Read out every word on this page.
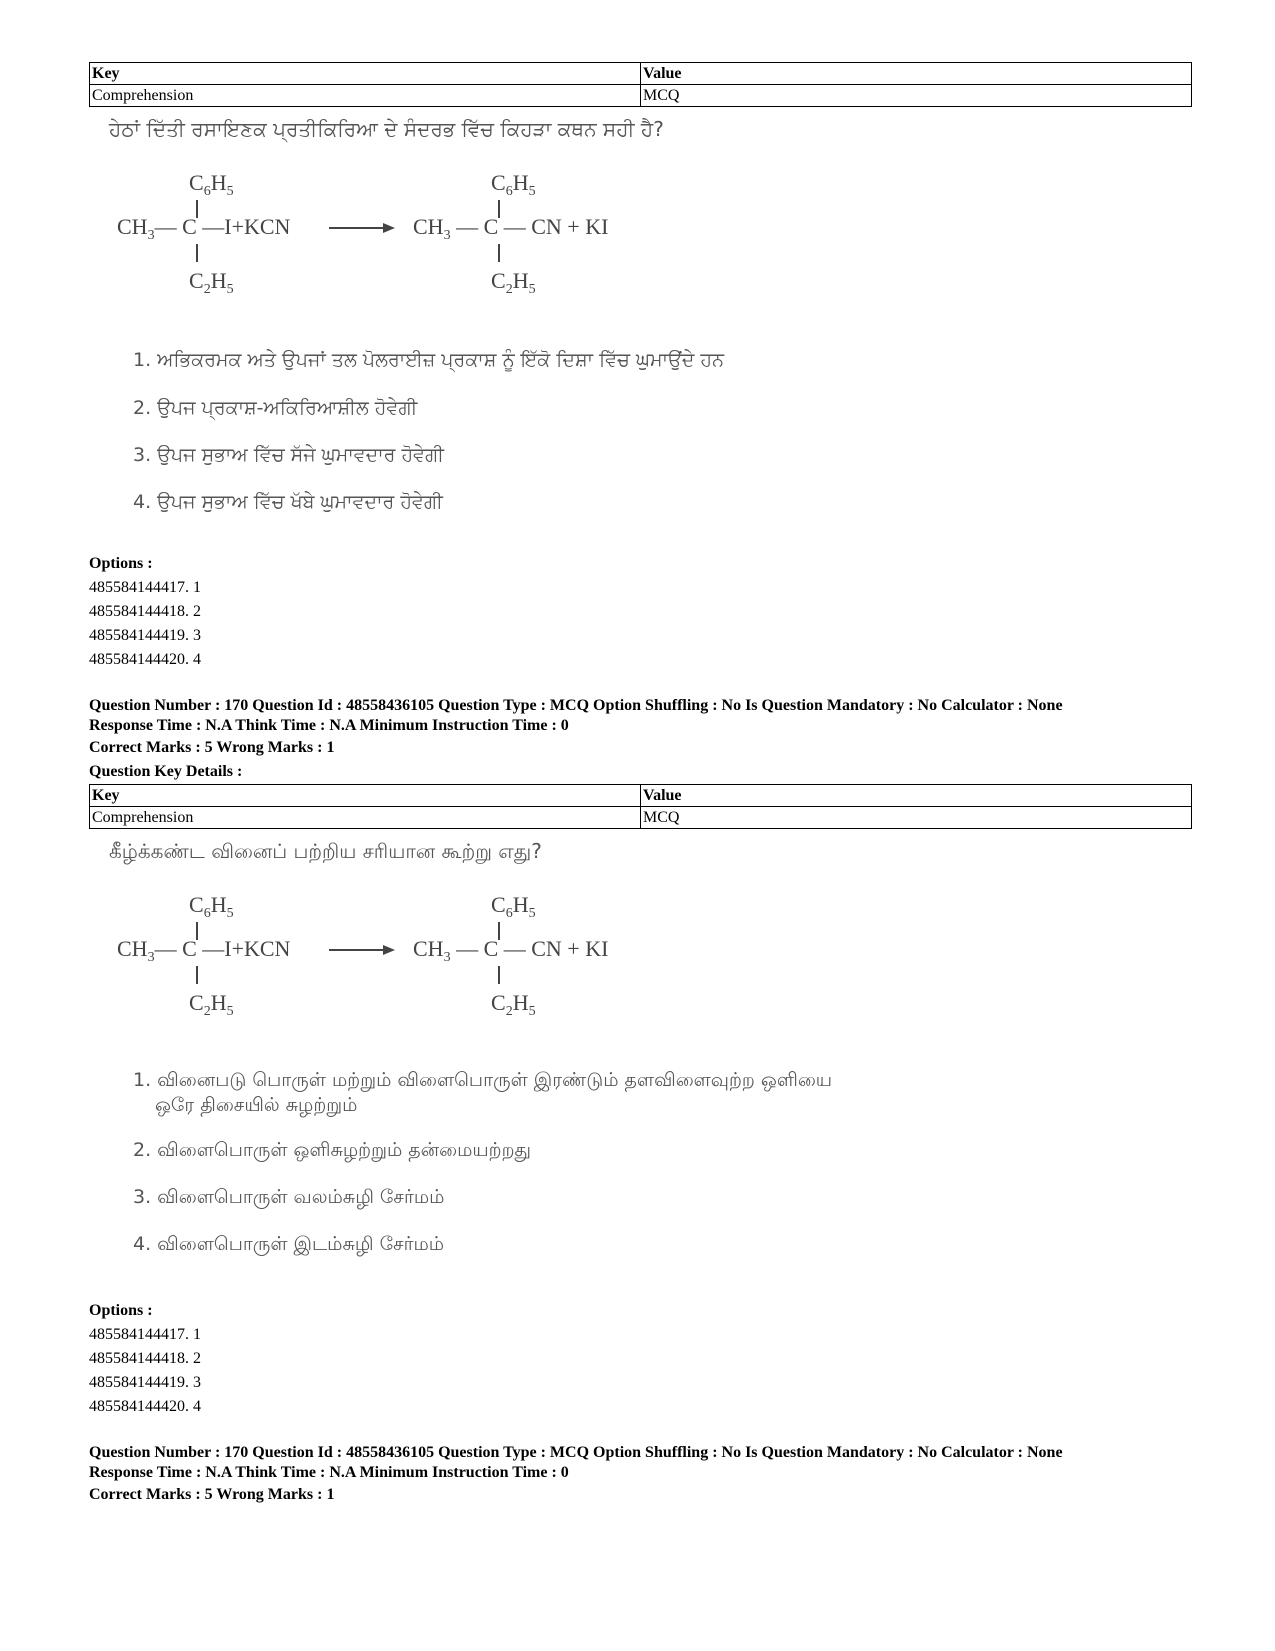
Key	Value
Comprehension	MCQ
ਹੇਠਾਂ ਦਿੱਤੀ ਰਸਾਇਣਕ ਪ੍ਰਤੀਕਿਰਿਆ ਦੇ ਸੰਦਰਭ ਵਿੱਚ ਕਿਹੜਾ ਕਥਨ ਸਹੀ ਹੈ?
$C_6H_5$
$CH_3—$ C —I+KCN
$C_2H_5$
$C_6H_5$
$CH_3$ — C — CN + KI
$C_2H_5$
1. ਅਭਿਕਰਮਕ ਅਤੇ ਉਪਜਾਂ ਤਲ ਪੋਲਰਾਈਜ਼ ਪ੍ਰਕਾਸ਼ ਨੂੰ ਇੱਕੋ ਦਿਸ਼ਾ ਵਿੱਚ ਘੁਮਾਉਂਦੇ ਹਨ
2. ਉਪਜ ਪ੍ਰਕਾਸ਼-ਅਕਿਰਿਆਸ਼ੀਲ ਹੋਵੇਗੀ
3. ਉਪਜ ਸੁਭਾਅ ਵਿੱਚ ਸੱਜੇ ਘੁਮਾਵਦਾਰ ਹੋਵੇਗੀ
4. ਉਪਜ ਸੁਭਾਅ ਵਿੱਚ ਖੱਬੇ ਘੁਮਾਵਦਾਰ ਹੋਵੇਗੀ
Options :
485584144417. 1
485584144418. 2
485584144419. 3
485584144420. 4
Question Number : 170 Question Id : 48558436105 Question Type : MCQ Option Shuffling : No Is Question Mandatory : No Calculator : None
Response Time : N.A Think Time : N.A Minimum Instruction Time : 0
Correct Marks : 5 Wrong Marks : 1
Question Key Details :
Key	Value
Comprehension	MCQ
கீழ்க்கண்ட வினைப் பற்றிய சரியான கூற்று எது?
$C_6H_5$
$CH_3—$ C —I+KCN
$C_2H_5$
$C_6H_5$
$CH_3$ — C — CN + KI
$C_2H_5$
1. வினைபடு பொருள் மற்றும் விளைபொருள் இரண்டும் தளவிளைவுற்ற ஒளியை
ஒரே திசையில் சுழற்றும்
2. விளைபொருள் ஒளிசுழற்றும் தன்மையற்றது
3. விளைபொருள் வலம்சுழி சேர்மம்
4. விளைபொருள் இடம்சுழி சேர்மம்
Options :
485584144417. 1
485584144418. 2
485584144419. 3
485584144420. 4
Question Number : 170 Question Id : 48558436105 Question Type : MCQ Option Shuffling : No Is Question Mandatory : No Calculator : None
Response Time : N.A Think Time : N.A Minimum Instruction Time : 0
Correct Marks : 5 Wrong Marks : 1
